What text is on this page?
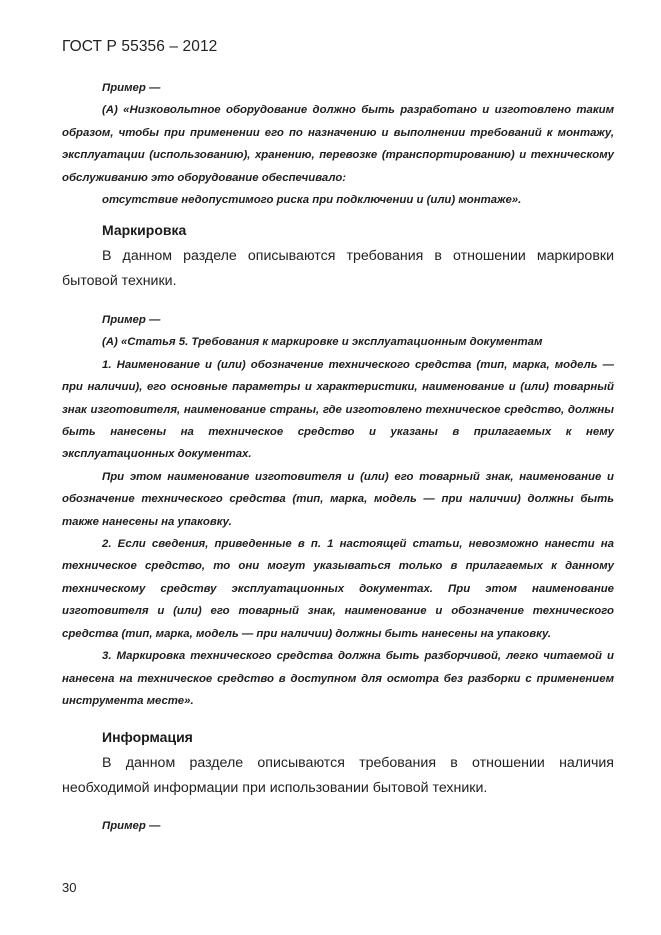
ГОСТ Р 55356 – 2012

Пример —

(А) «Низковольтное оборудование должно быть разработано и изготовлено таким образом, чтобы при применении его по назначению и выполнении требований к монтажу, эксплуатации (использованию), хранению, перевозке (транспортированию) и техническому обслуживанию это оборудование обеспечивало:

отсутствие недопустимого риска при подключении и (или) монтаже».

Маркировка

В данном разделе описываются требования в отношении маркировки бытовой техники.

Пример —

(А) «Статья 5. Требования к маркировке и эксплуатационным документам

1. Наименование и (или) обозначение технического средства (тип, марка, модель — при наличии), его основные параметры и характеристики, наименование и (или) товарный знак изготовителя, наименование страны, где изготовлено техническое средство, должны быть нанесены на техническое средство и указаны в прилагаемых к нему эксплуатационных документах.

При этом наименование изготовителя и (или) его товарный знак, наименование и обозначение технического средства (тип, марка, модель — при наличии) должны быть также нанесены на упаковку.

2. Если сведения, приведенные в п. 1 настоящей статьи, невозможно нанести на техническое средство, то они могут указываться только в прилагаемых к данному техническому средству эксплуатационных документах. При этом наименование изготовителя и (или) его товарный знак, наименование и обозначение технического средства (тип, марка, модель — при наличии) должны быть нанесены на упаковку.

3. Маркировка технического средства должна быть разборчивой, легко читаемой и нанесена на техническое средство в доступном для осмотра без разборки с применением инструмента месте».

Информация

В данном разделе описываются требования в отношении наличия необходимой информации при использовании бытовой техники.

Пример —

30
